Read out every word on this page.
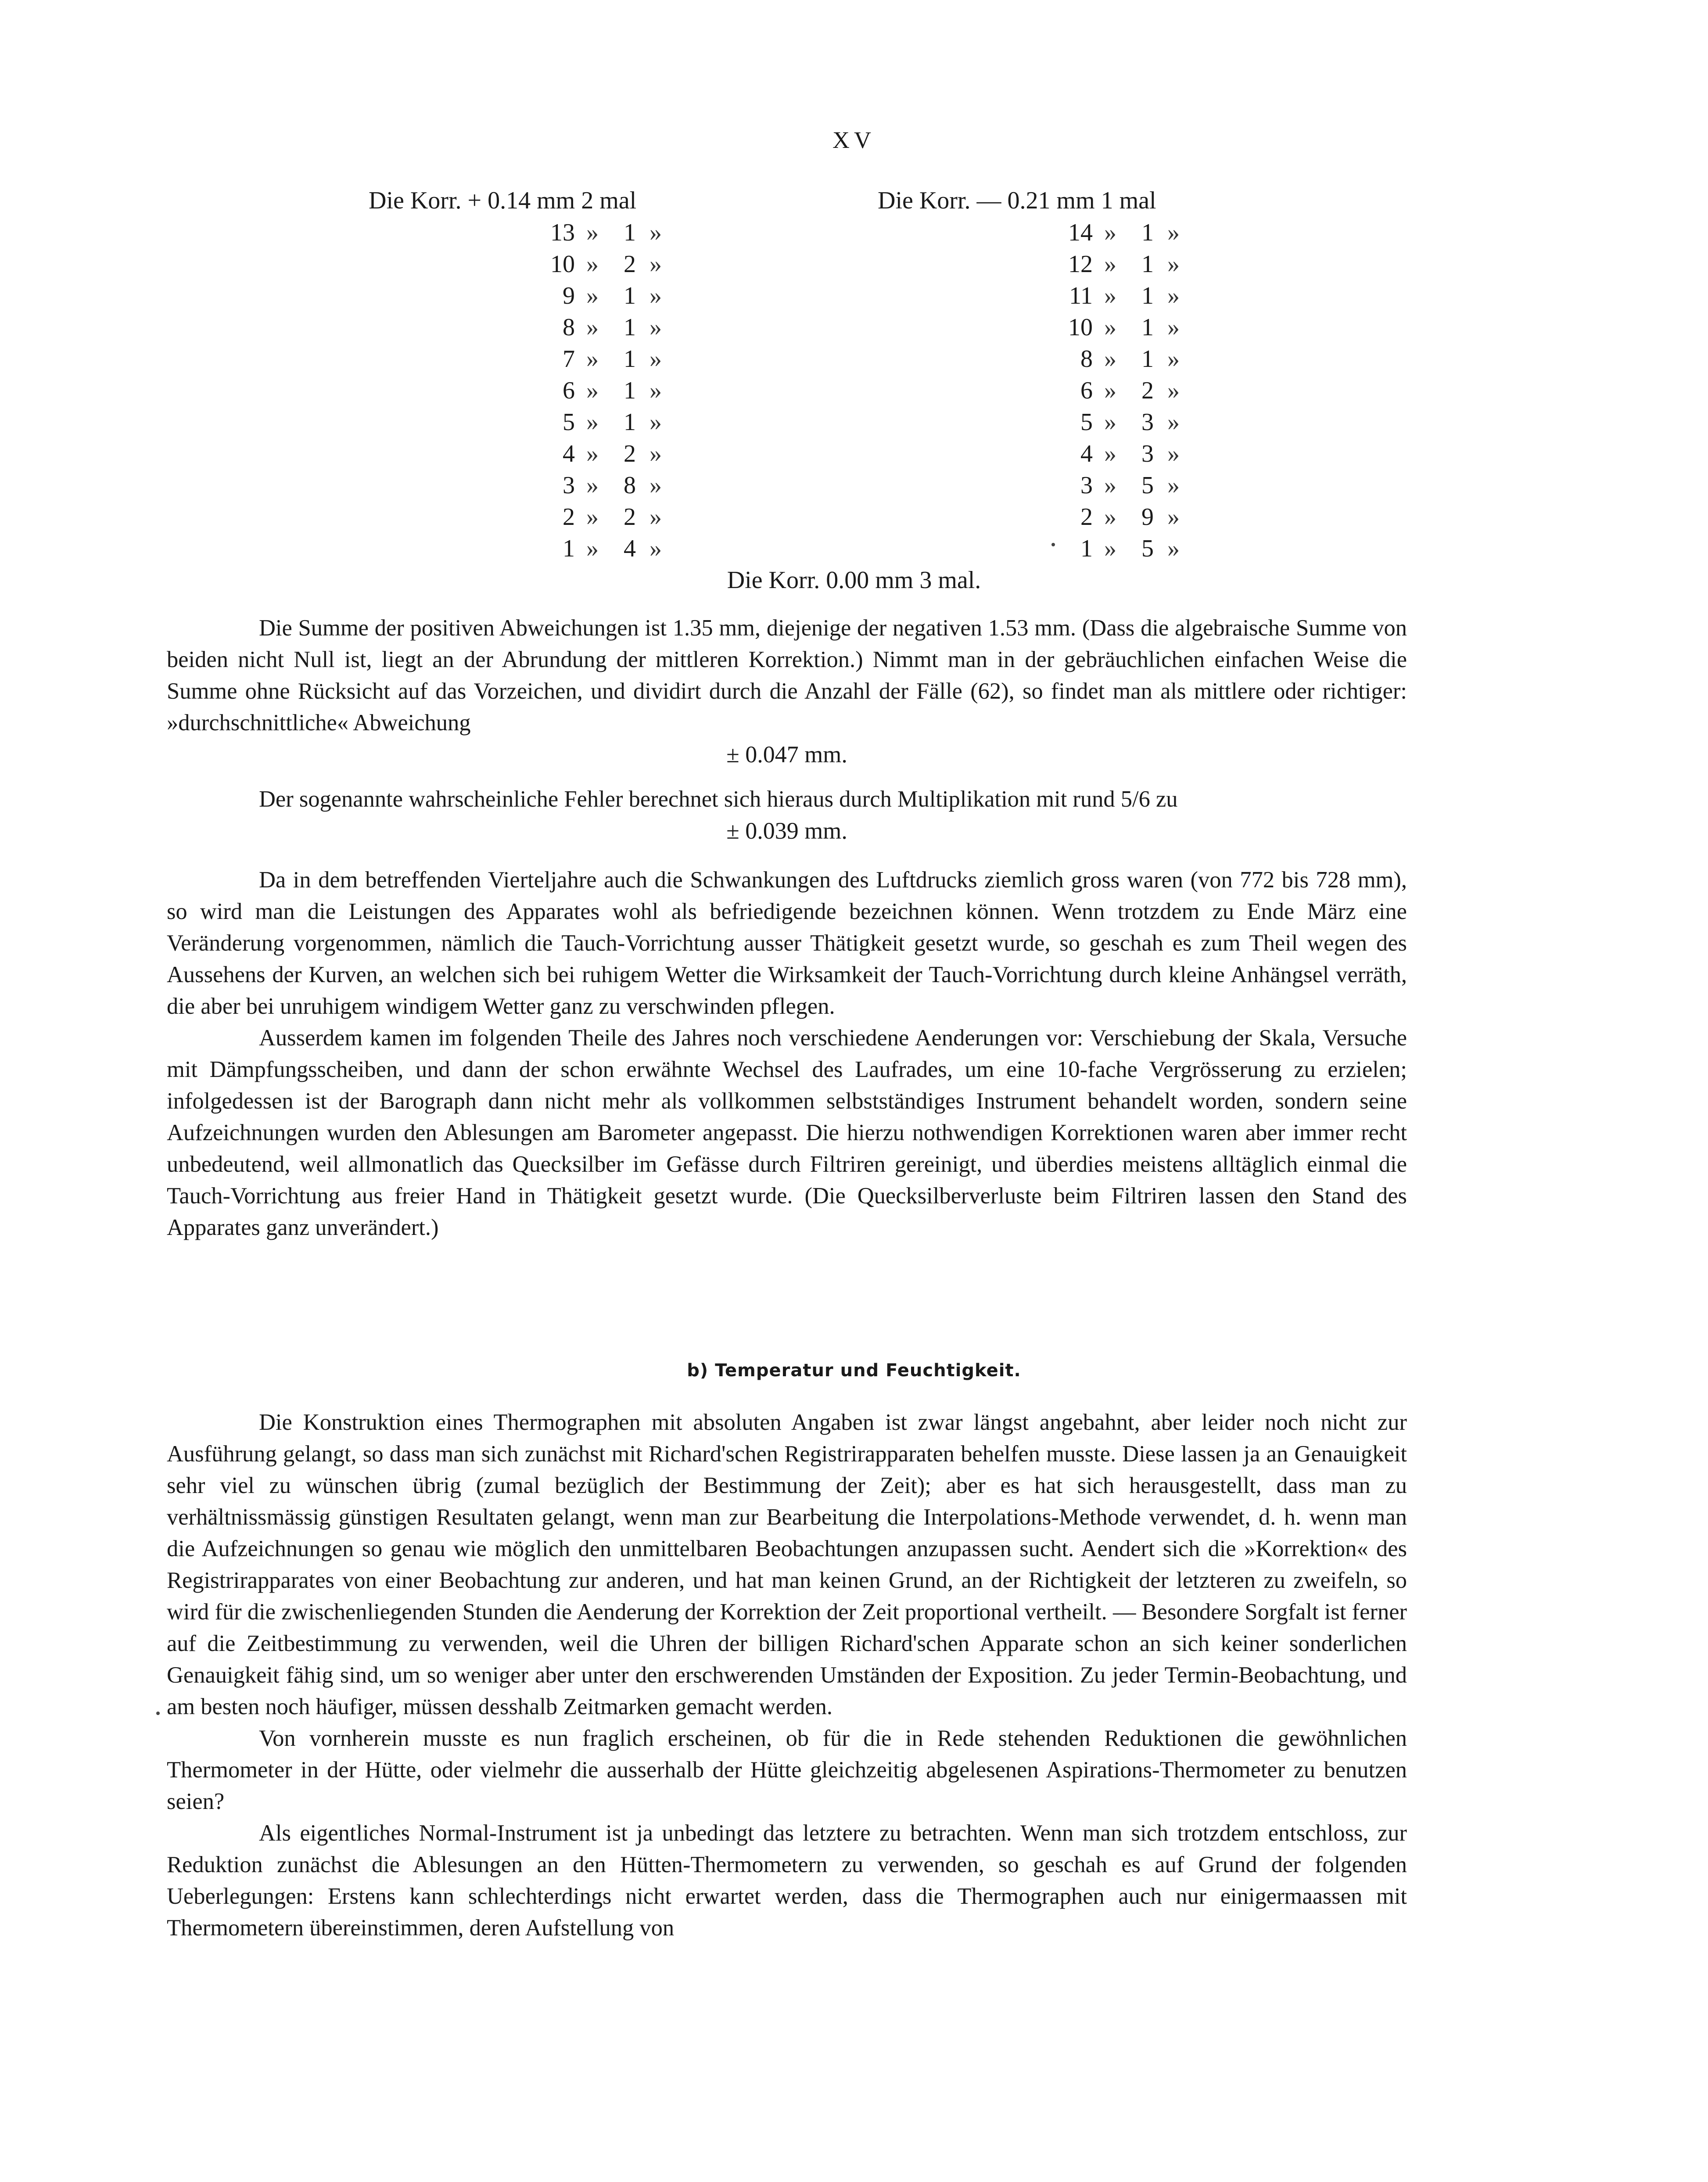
XV
Die Korr. + 0.14 mm 2 mal
13 »	1 »
10 »	2 »
9 »	1 »
8 »	1 »
7 »	1 »
6 »	1 »
5 »	1 »
4 »	2 »
3 »	8 »
2 »	2 »
1 »	4 »
Die Korr. — 0.21 mm 1 mal
14 »	1 »
12 »	1 »
11 »	1 »
10 »	1 »
8 »	1 »
6 »	2 »
5 »	3 »
4 »	3 »
3 »	5 »
2 »	9 »
1 »	5 »
Die Korr. 0.00 mm 3 mal.

Die Summe der positiven Abweichungen ist 1.35 mm, diejenige der negativen 1.53 mm. (Dass die algebraische Summe von beiden nicht Null ist, liegt an der Abrundung der mittleren Korrektion.) Nimmt man in der gebräuchlichen einfachen Weise die Summe ohne Rücksicht auf das Vorzeichen, und dividirt durch die Anzahl der Fälle (62), so findet man als mittlere oder richtiger: »durchschnittliche« Abweichung

± 0.047 mm.

Der sogenannte wahrscheinliche Fehler berechnet sich hieraus durch Multiplikation mit rund 5/6 zu

± 0.039 mm.

Da in dem betreffenden Vierteljahre auch die Schwankungen des Luftdrucks ziemlich gross waren (von 772 bis 728 mm), so wird man die Leistungen des Apparates wohl als befriedigende bezeichnen können. Wenn trotzdem zu Ende März eine Veränderung vorgenommen, nämlich die Tauch-Vorrichtung ausser Thätigkeit gesetzt wurde, so geschah es zum Theil wegen des Aussehens der Kurven, an welchen sich bei ruhigem Wetter die Wirksamkeit der Tauch-Vorrichtung durch kleine Anhängsel verräth, die aber bei unruhigem windigem Wetter ganz zu verschwinden pflegen.

Ausserdem kamen im folgenden Theile des Jahres noch verschiedene Aenderungen vor: Verschiebung der Skala, Versuche mit Dämpfungsscheiben, und dann der schon erwähnte Wechsel des Laufrades, um eine 10-fache Vergrösserung zu erzielen; infolgedessen ist der Barograph dann nicht mehr als vollkommen selbstständiges Instrument behandelt worden, sondern seine Aufzeichnungen wurden den Ablesungen am Barometer angepasst. Die hierzu nothwendigen Korrektionen waren aber immer recht unbedeutend, weil allmonatlich das Quecksilber im Gefässe durch Filtriren gereinigt, und überdies meistens alltäglich einmal die Tauch-Vorrichtung aus freier Hand in Thätigkeit gesetzt wurde. (Die Quecksilberverluste beim Filtriren lassen den Stand des Apparates ganz unverändert.)

b) Temperatur und Feuchtigkeit.

Die Konstruktion eines Thermographen mit absoluten Angaben ist zwar längst angebahnt, aber leider noch nicht zur Ausführung gelangt, so dass man sich zunächst mit Richard'schen Registrirapparaten behelfen musste. Diese lassen ja an Genauigkeit sehr viel zu wünschen übrig (zumal bezüglich der Bestimmung der Zeit); aber es hat sich herausgestellt, dass man zu verhältnissmässig günstigen Resultaten gelangt, wenn man zur Bearbeitung die Interpolations-Methode verwendet, d. h. wenn man die Aufzeichnungen so genau wie möglich den unmittelbaren Beobachtungen anzupassen sucht. Aendert sich die »Korrektion« des Registrirapparates von einer Beobachtung zur anderen, und hat man keinen Grund, an der Richtigkeit der letzteren zu zweifeln, so wird für die zwischenliegenden Stunden die Aenderung der Korrektion der Zeit proportional vertheilt. — Besondere Sorgfalt ist ferner auf die Zeitbestimmung zu verwenden, weil die Uhren der billigen Richard'schen Apparate schon an sich keiner sonderlichen Genauigkeit fähig sind, um so weniger aber unter den erschwerenden Umständen der Exposition. Zu jeder Termin-Beobachtung, und am besten noch häufiger, müssen desshalb Zeitmarken gemacht werden.

Von vornherein musste es nun fraglich erscheinen, ob für die in Rede stehenden Reduktionen die gewöhnlichen Thermometer in der Hütte, oder vielmehr die ausserhalb der Hütte gleichzeitig abgelesenen Aspirations-Thermometer zu benutzen seien?

Als eigentliches Normal-Instrument ist ja unbedingt das letztere zu betrachten. Wenn man sich trotzdem entschloss, zur Reduktion zunächst die Ablesungen an den Hütten-Thermometern zu verwenden, so geschah es auf Grund der folgenden Ueberlegungen: Erstens kann schlechterdings nicht erwartet werden, dass die Thermographen auch nur einigermaassen mit Thermometern übereinstimmen, deren Aufstellung von
